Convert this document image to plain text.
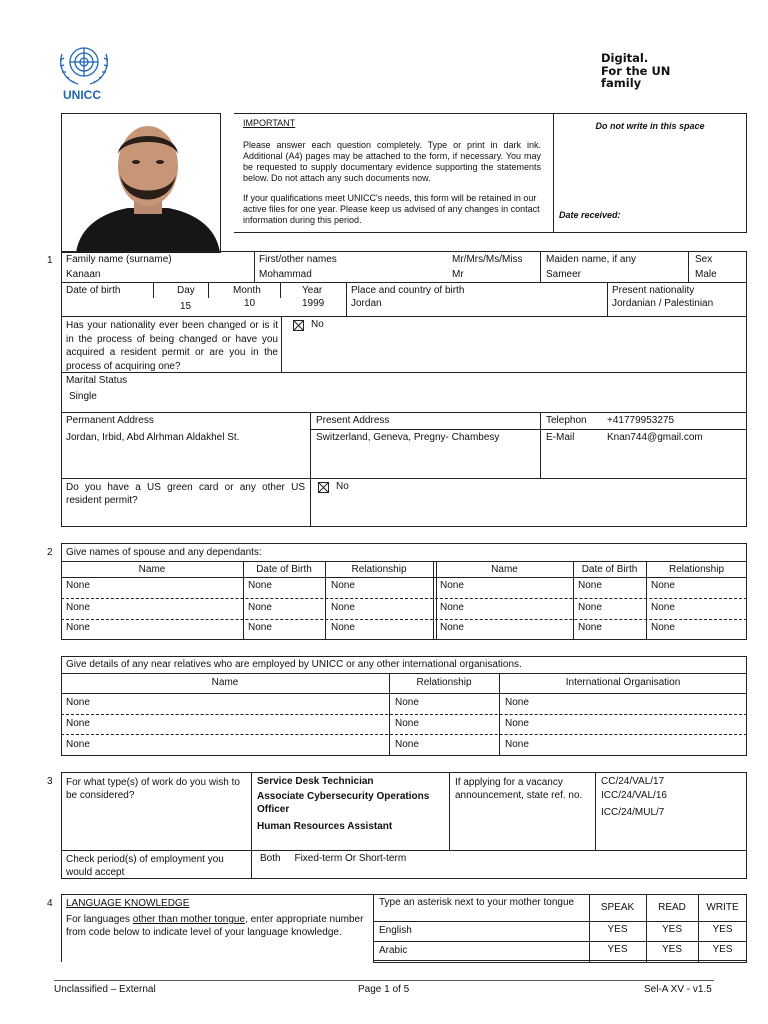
UNICC
Digital.
For the UN
family
IMPORTANT
Please answer each question completely. Type or print in dark ink. Additional (A4) pages may be attached to the form, if necessary. You may be requested to supply documentary evidence supporting the statements below. Do not attach any such documents now.
If your qualifications meet UNICC's needs, this form will be retained in our active files for one year. Please keep us advised of any changes in contact information during this period.
Do not write in this space
Date received:
1 Family name (surname)
Kanaan
First/other names
Mohammad
Mr/Mrs/Ms/Miss
Mr
Maiden name, if any
Sameer
Sex
Male
Date of birth	Day
15
Month
10
Year
1999
Place and country of birth
Jordan
Present nationality
Jordanian / Palestinian
Has your nationality ever been changed or is it in the process of being changed or have you acquired a resident permit or are you in the process of acquiring one?
No
Marital Status
Single
Permanent Address
Jordan, Irbid, Abd Alrhman Aldakhel St.
Present Address
Switzerland, Geneva, Pregny- Chambesy
Telephon +41779953275
E-Mail	Knan744@gmail.com
Do you have a US green card or any other US resident permit?
No
2 Give names of spouse and any dependants:
Name	Date of Birth	Relationship	Name	Date of Birth	Relationship
None	None	None	None	None	None
None	None	None	None	None	None
None	None	None	None	None	None
Give details of any near relatives who are employed by UNICC or any other international organisations.
Name	Relationship	International Organisation
None	None	None
None	None	None
None	None	None
3 For what type(s) of work do you wish to be considered?
Service Desk Technician
Associate Cybersecurity Operations Officer
Human Resources Assistant
If applying for a vacancy announcement, state ref. no.
CC/24/VAL/17
ICC/24/VAL/16
ICC/24/MUL/7
Check period(s) of employment you would accept
Both     Fixed-term Or Short-term
4 LANGUAGE KNOWLEDGE
For languages other than mother tongue, enter appropriate number from code below to indicate level of your language knowledge.
Type an asterisk next to your mother tongue	SPEAK	READ	WRITE
English	YES	YES	YES
Arabic	YES	YES	YES
Unclassified – External	Page 1 of 5	Sel-A XV - v1.5
